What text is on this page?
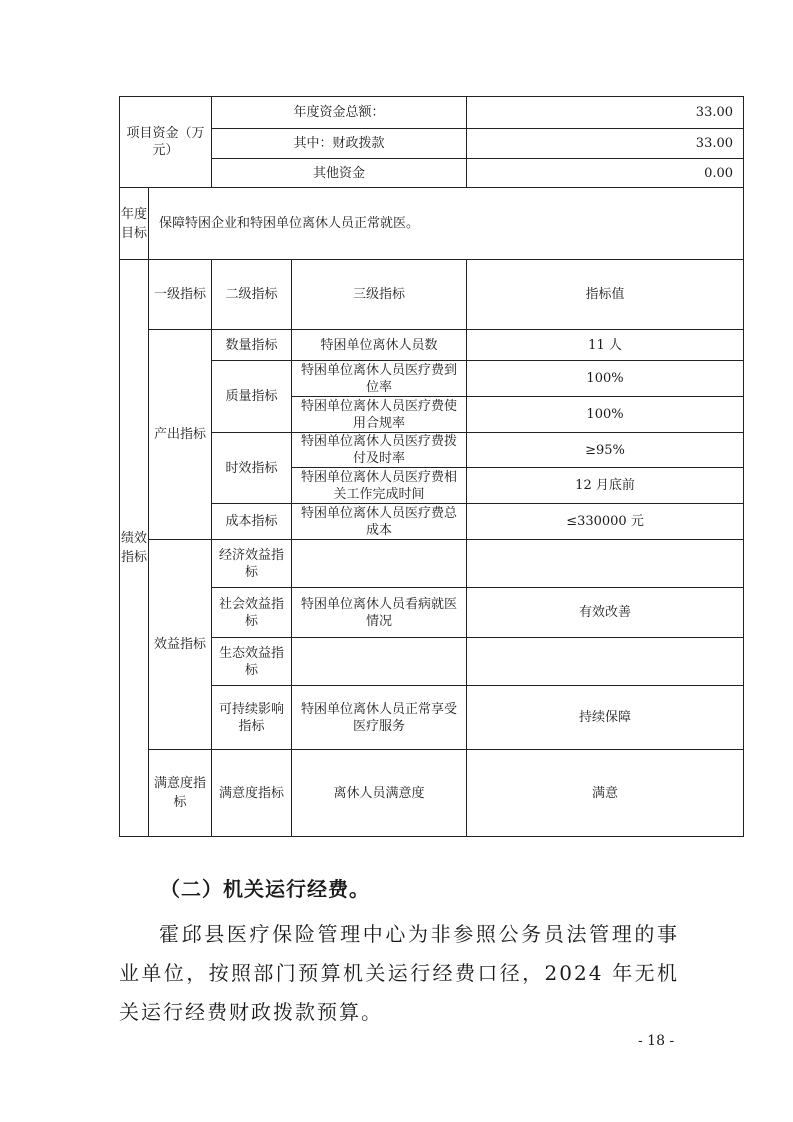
项目资金（万元）		年度资金总额：		33.00
		其中：财政拨款		33.00
		其他资金		0.00
年度目标	保障特困企业和特困单位离休人员正常就医。			
绩效指标	一级指标	二级指标	三级指标	指标值
	产出指标	数量指标	特困单位离休人员数	11 人
		质量指标	特困单位离休人员医疗费到位率	100%
			特困单位离休人员医疗费使用合规率	100%
		时效指标	特困单位离休人员医疗费拨付及时率	≥95%
			特困单位离休人员医疗费相关工作完成时间	12 月底前
		成本指标	特困单位离休人员医疗费总成本	≤330000 元
	效益指标	经济效益指标		
		社会效益指标	特困单位离休人员看病就医情况	有效改善
		生态效益指标		
		可持续影响指标	特困单位离休人员正常享受医疗服务	持续保障
	满意度指标	满意度指标	离休人员满意度	满意
（二）机关运行经费。
霍邱县医疗保险管理中心为非参照公务员法管理的事业单位，按照部门预算机关运行经费口径，2024 年无机关运行经费财政拨款预算。
- 18 -
